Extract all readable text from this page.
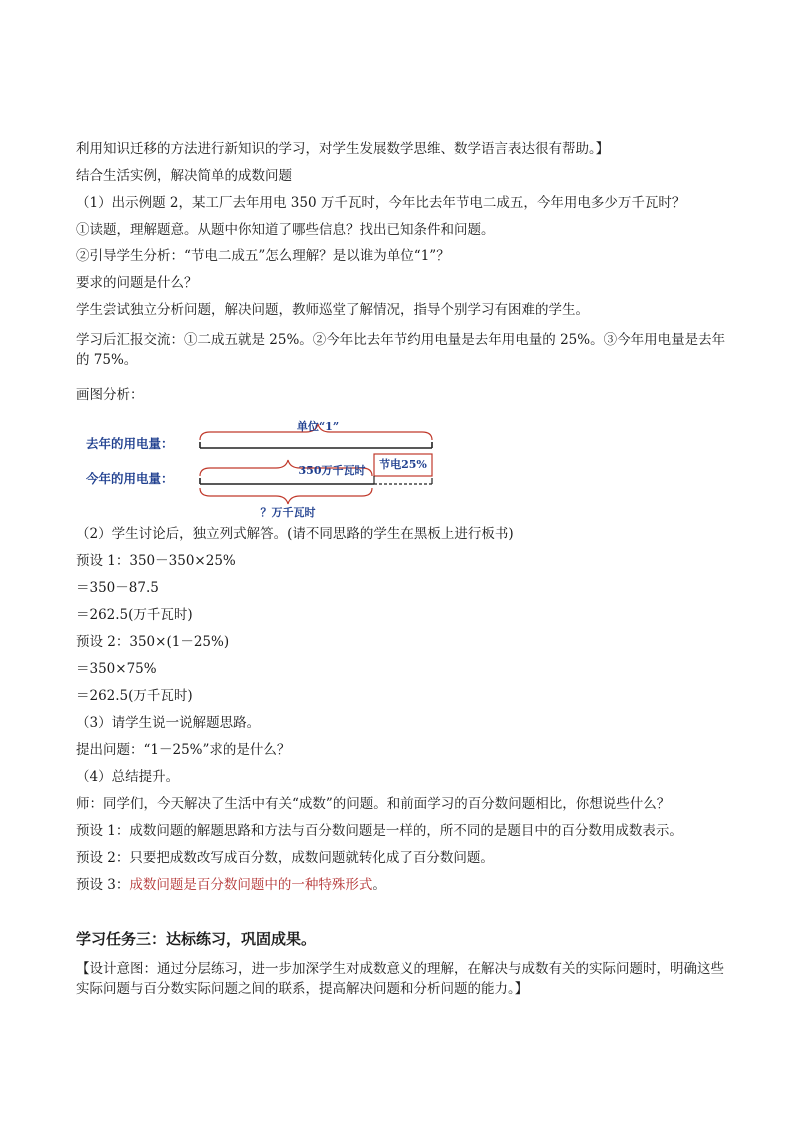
利用知识迁移的方法进行新知识的学习，对学生发展数学思维、数学语言表达很有帮助。】
结合生活实例，解决简单的成数问题
（1）出示例题 2，某工厂去年用电 350 万千瓦时，今年比去年节电二成五，今年用电多少万千瓦时？
①读题，理解题意。从题中你知道了哪些信息？找出已知条件和问题。
②引导学生分析：“节电二成五”怎么理解？是以谁为单位“1”？
要求的问题是什么？
学生尝试独立分析问题，解决问题，教师巡堂了解情况，指导个别学习有困难的学生。
学习后汇报交流：①二成五就是 25%。②今年比去年节约用电量是去年用电量的 25%。③今年用电量是去年的 75%。
画图分析：
去年的用电量：
今年的用电量：
单位“1”
350万千瓦时 节电25%
？万千瓦时
（2）学生讨论后，独立列式解答。(请不同思路的学生在黑板上进行板书)
预设 1：350－350×25%
＝350－87.5
＝262.5(万千瓦时)
预设 2：350×(1－25%)
＝350×75%
＝262.5(万千瓦时)
（3）请学生说一说解题思路。
提出问题：“1－25%”求的是什么？
（4）总结提升。
师：同学们，今天解决了生活中有关“成数”的问题。和前面学习的百分数问题相比，你想说些什么？
预设 1：成数问题的解题思路和方法与百分数问题是一样的，所不同的是题目中的百分数用成数表示。
预设 2：只要把成数改写成百分数，成数问题就转化成了百分数问题。
预设 3：成数问题是百分数问题中的一种特殊形式。
学习任务三：达标练习，巩固成果。
【设计意图：通过分层练习，进一步加深学生对成数意义的理解，在解决与成数有关的实际问题时，明确这些实际问题与百分数实际问题之间的联系，提高解决问题和分析问题的能力。】
